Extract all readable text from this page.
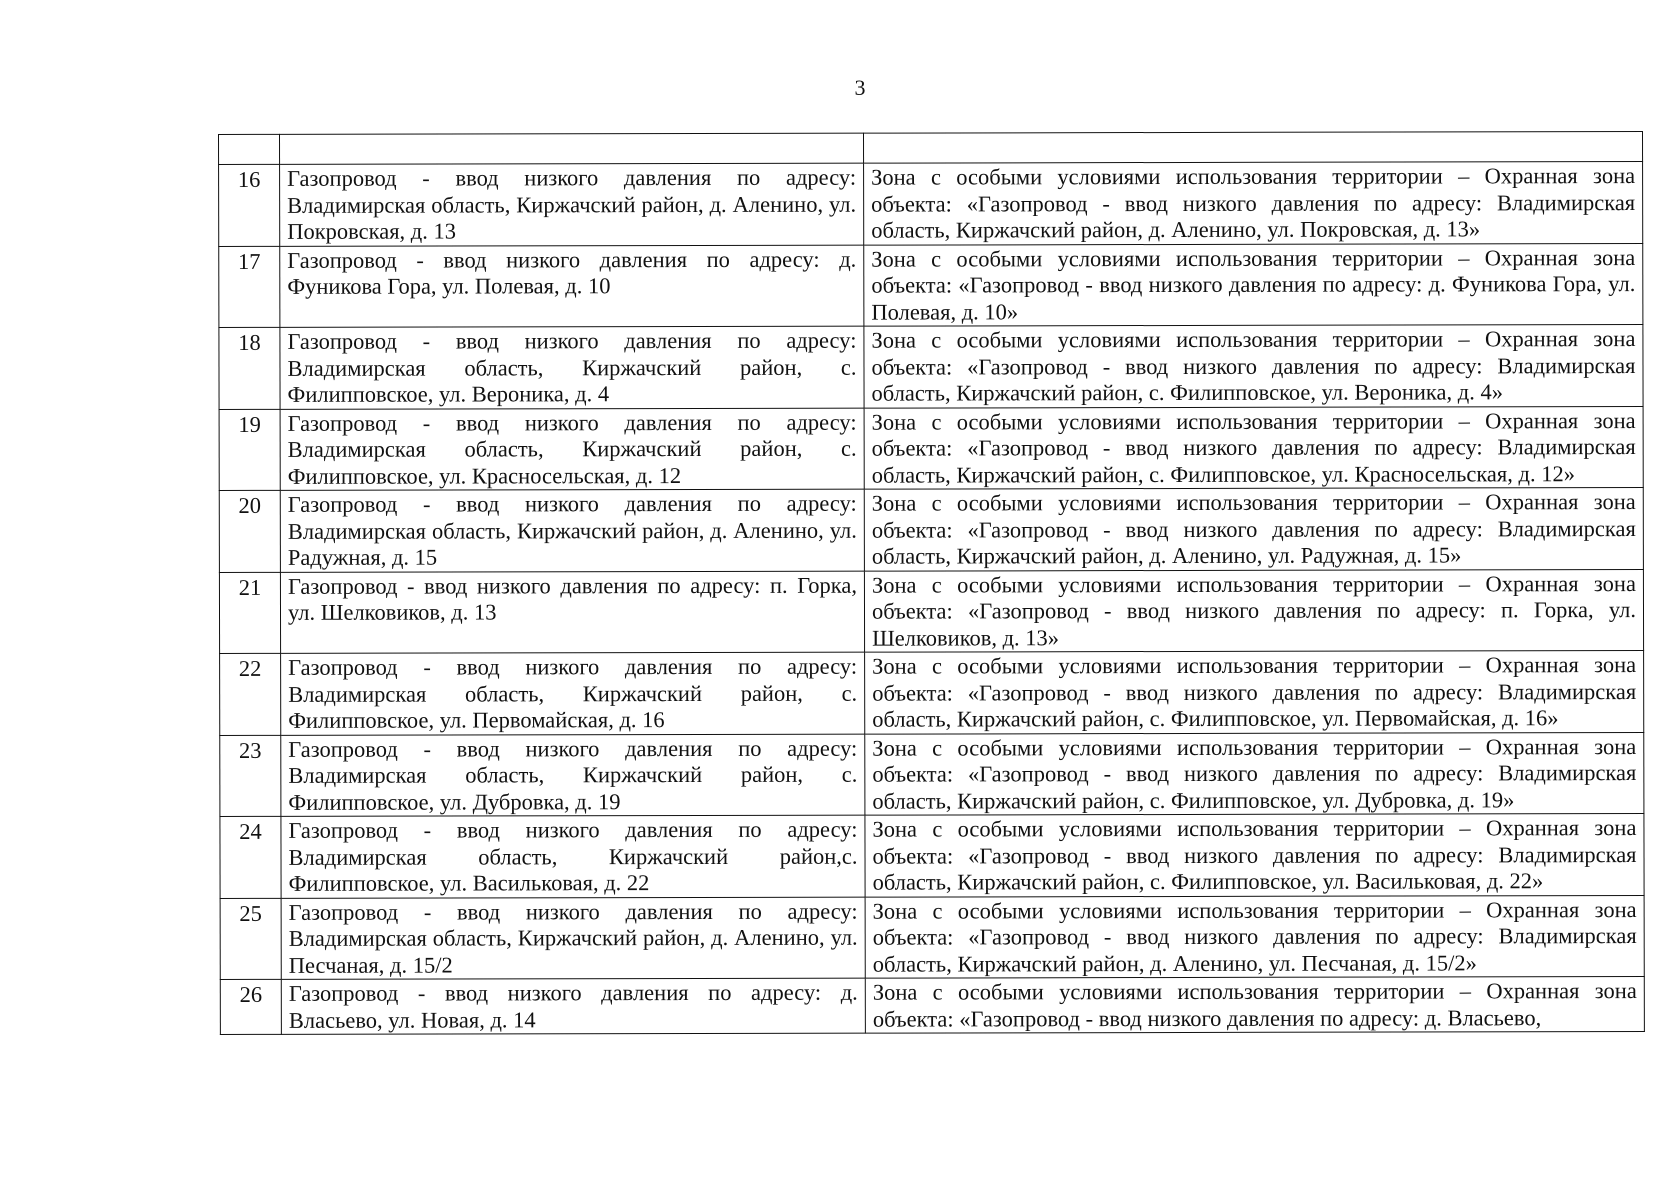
3

16	Газопровод - ввод низкого давления по адресу: Владимирская область, Киржачский район, д. Аленино, ул. Покровская, д. 13	Зона с особыми условиями использования территории – Охранная зона объекта: «Газопровод - ввод низкого давления по адресу: Владимирская область, Киржачский район, д. Аленино, ул. Покровская, д. 13»
17	Газопровод - ввод низкого давления по адресу: д. Фуникова Гора, ул. Полевая, д. 10	Зона с особыми условиями использования территории – Охранная зона объекта: «Газопровод - ввод низкого давления по адресу: д. Фуникова Гора, ул. Полевая, д. 10»
18	Газопровод - ввод низкого давления по адресу: Владимирская область, Киржачский район, с. Филипповское, ул. Вероника, д. 4	Зона с особыми условиями использования территории – Охранная зона объекта: «Газопровод - ввод низкого давления по адресу: Владимирская область, Киржачский район, с. Филипповское, ул. Вероника, д. 4»
19	Газопровод - ввод низкого давления по адресу: Владимирская область, Киржачский район, с. Филипповское, ул. Красносельская, д. 12	Зона с особыми условиями использования территории – Охранная зона объекта: «Газопровод - ввод низкого давления по адресу: Владимирская область, Киржачский район, с. Филипповское, ул. Красносельская, д. 12»
20	Газопровод - ввод низкого давления по адресу: Владимирская область, Киржачский район, д. Аленино, ул. Радужная, д. 15	Зона с особыми условиями использования территории – Охранная зона объекта: «Газопровод - ввод низкого давления по адресу: Владимирская область, Киржачский район, д. Аленино, ул. Радужная, д. 15»
21	Газопровод - ввод низкого давления по адресу: п. Горка, ул. Шелковиков, д. 13	Зона с особыми условиями использования территории – Охранная зона объекта: «Газопровод - ввод низкого давления по адресу: п. Горка, ул. Шелковиков, д. 13»
22	Газопровод - ввод низкого давления по адресу: Владимирская область, Киржачский район, с. Филипповское, ул. Первомайская, д. 16	Зона с особыми условиями использования территории – Охранная зона объекта: «Газопровод - ввод низкого давления по адресу: Владимирская область, Киржачский район, с. Филипповское, ул. Первомайская, д. 16»
23	Газопровод - ввод низкого давления по адресу: Владимирская область, Киржачский район, с. Филипповское, ул. Дубровка, д. 19	Зона с особыми условиями использования территории – Охранная зона объекта: «Газопровод - ввод низкого давления по адресу: Владимирская область, Киржачский район, с. Филипповское, ул. Дубровка, д. 19»
24	Газопровод - ввод низкого давления по адресу: Владимирская область, Киржачский район,с. Филипповское, ул. Васильковая, д. 22	Зона с особыми условиями использования территории – Охранная зона объекта: «Газопровод - ввод низкого давления по адресу: Владимирская область, Киржачский район, с. Филипповское, ул. Васильковая, д. 22»
25	Газопровод - ввод низкого давления по адресу: Владимирская область, Киржачский район, д. Аленино, ул. Песчаная, д. 15/2	Зона с особыми условиями использования территории – Охранная зона объекта: «Газопровод - ввод низкого давления по адресу: Владимирская область, Киржачский район, д. Аленино, ул. Песчаная, д. 15/2»
26	Газопровод - ввод низкого давления по адресу: д. Власьево, ул. Новая, д. 14	Зона с особыми условиями использования территории – Охранная зона объекта: «Газопровод - ввод низкого давления по адресу: д. Власьево,
